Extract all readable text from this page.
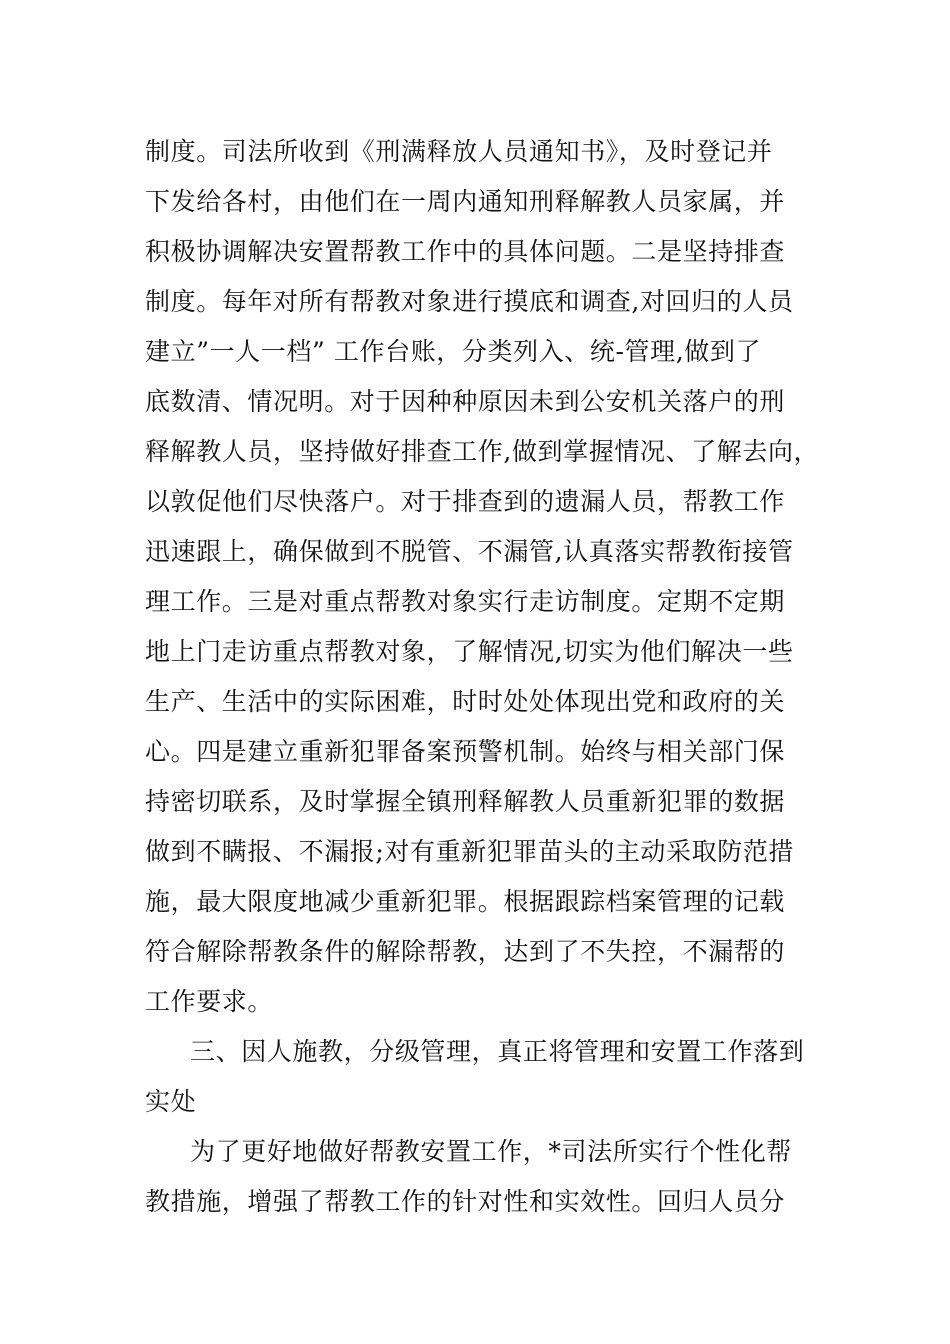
制度。司法所收到《刑满释放人员通知书》，及时登记并
下发给各村，由他们在一周内通知刑释解教人员家属，并
积极协调解决安置帮教工作中的具体问题。二是坚持排查
制度。每年对所有帮教对象进行摸底和调查,对回归的人员
建立”一人一档” 工作台账，分类列入、统-管理,做到了
底数清、情况明。对于因种种原因未到公安机关落户的刑
释解教人员，坚持做好排查工作,做到掌握情况、了解去向，
以敦促他们尽快落户。对于排查到的遗漏人员，帮教工作
迅速跟上，确保做到不脱管、不漏管,认真落实帮教衔接管
理工作。三是对重点帮教对象实行走访制度。定期不定期
地上门走访重点帮教对象，了解情况,切实为他们解决一些
生产、生活中的实际困难，时时处处体现出党和政府的关
心。四是建立重新犯罪备案预警机制。始终与相关部门保
持密切联系，及时掌握全镇刑释解教人员重新犯罪的数据
做到不瞒报、不漏报;对有重新犯罪苗头的主动采取防范措
施，最大限度地减少重新犯罪。根据跟踪档案管理的记载
符合解除帮教条件的解除帮教，达到了不失控，不漏帮的
工作要求。
三、因人施教，分级管理，真正将管理和安置工作落到
实处
为了更好地做好帮教安置工作，*司法所实行个性化帮
教措施，增强了帮教工作的针对性和实效性。回归人员分
